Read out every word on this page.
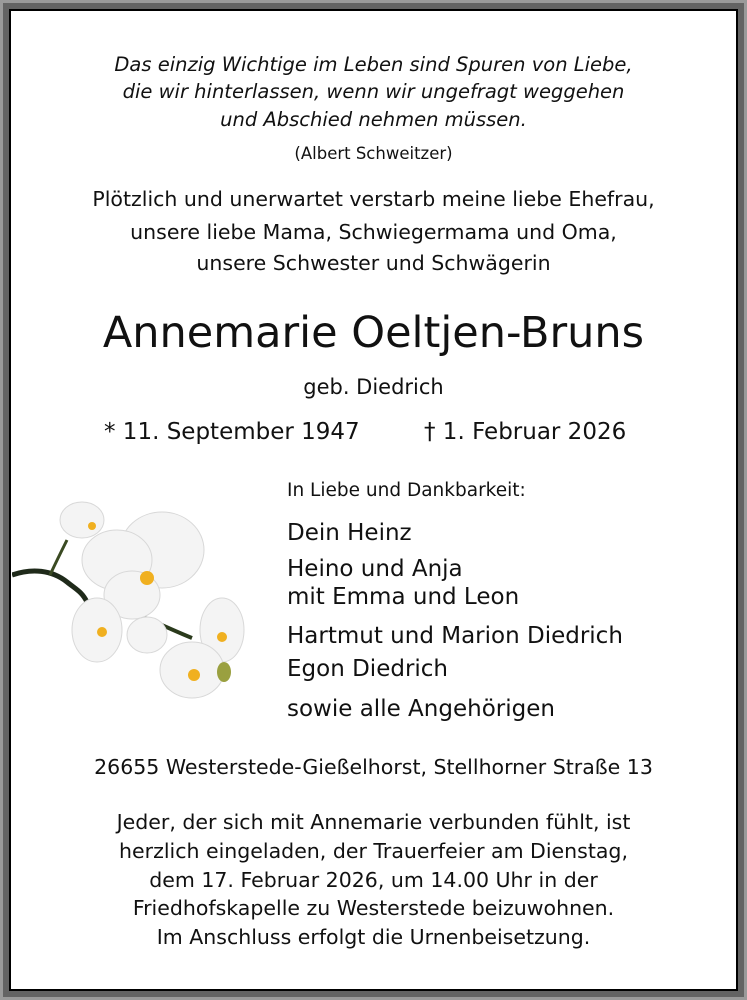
Das einzig Wichtige im Leben sind Spuren von Liebe,
die wir hinterlassen, wenn wir ungefragt weggehen
und Abschied nehmen müssen.
(Albert Schweitzer)
Plötzlich und unerwartet verstarb meine liebe Ehefrau,
unsere liebe Mama, Schwiegermama und Oma,
unsere Schwester und Schwägerin
Annemarie Oeltjen-Bruns
geb. Diedrich
* 11. September 1947	† 1. Februar 2026
In Liebe und Dankbarkeit:
Dein Heinz
Heino und Anja
mit Emma und Leon
Hartmut und Marion Diedrich
Egon Diedrich
sowie alle Angehörigen
26655 Westerstede-Gießelhorst, Stellhorner Straße 13
Jeder, der sich mit Annemarie verbunden fühlt, ist
herzlich eingeladen, der Trauerfeier am Dienstag,
dem 17. Februar 2026, um 14.00 Uhr in der
Friedhofskapelle zu Westerstede beizuwohnen.
Im Anschluss erfolgt die Urnenbeisetzung.
